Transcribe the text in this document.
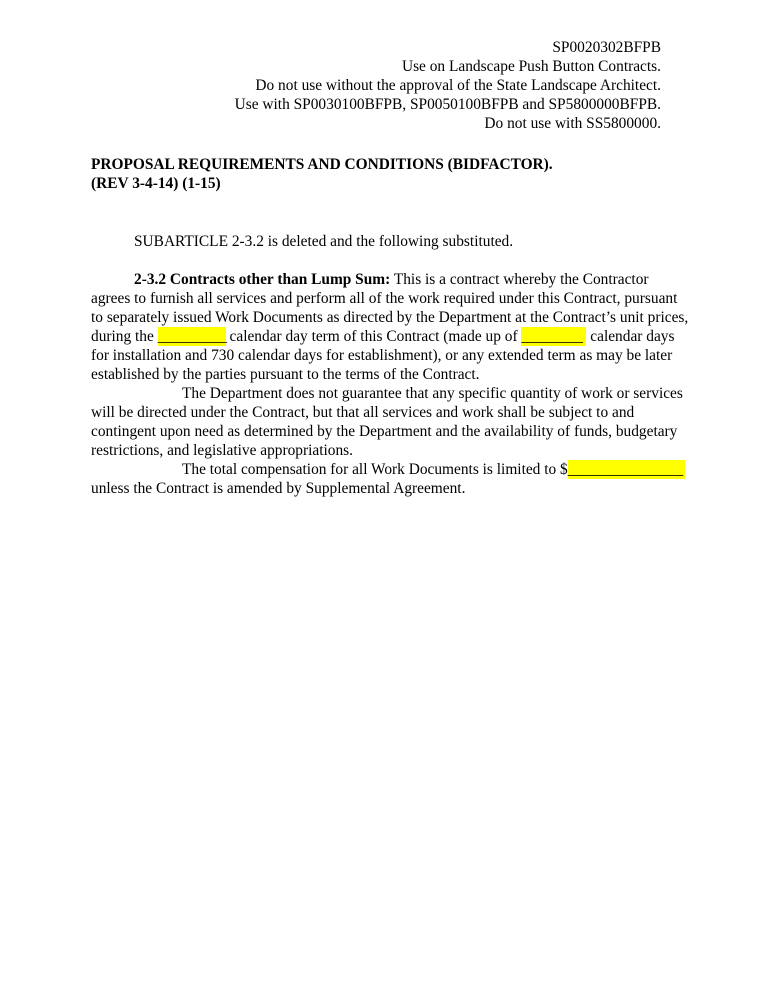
SP0020302BFPB
Use on Landscape Push Button Contracts.
Do not use without the approval of the State Landscape Architect.
Use with SP0030100BFPB, SP0050100BFPB and SP5800000BFPB.
Do not use with SS5800000.
PROPOSAL REQUIREMENTS AND CONDITIONS (BIDFACTOR).
(REV 3-4-14) (1-15)
SUBARTICLE 2-3.2 is deleted and the following substituted.
2-3.2 Contracts other than Lump Sum: This is a contract whereby the Contractor
agrees to furnish all services and perform all of the work required under this Contract, pursuant
to separately issued Work Documents as directed by the Department at the Contract’s unit prices,
during the _________ calendar day term of this Contract (made up of ________ calendar days
for installation and 730 calendar days for establishment), or any extended term as may be later
established by the parties pursuant to the terms of the Contract.
The Department does not guarantee that any specific quantity of work or services
will be directed under the Contract, but that all services and work shall be subject to and
contingent upon need as determined by the Department and the availability of funds, budgetary
restrictions, and legislative appropriations.
The total compensation for all Work Documents is limited to $_______________
unless the Contract is amended by Supplemental Agreement.
